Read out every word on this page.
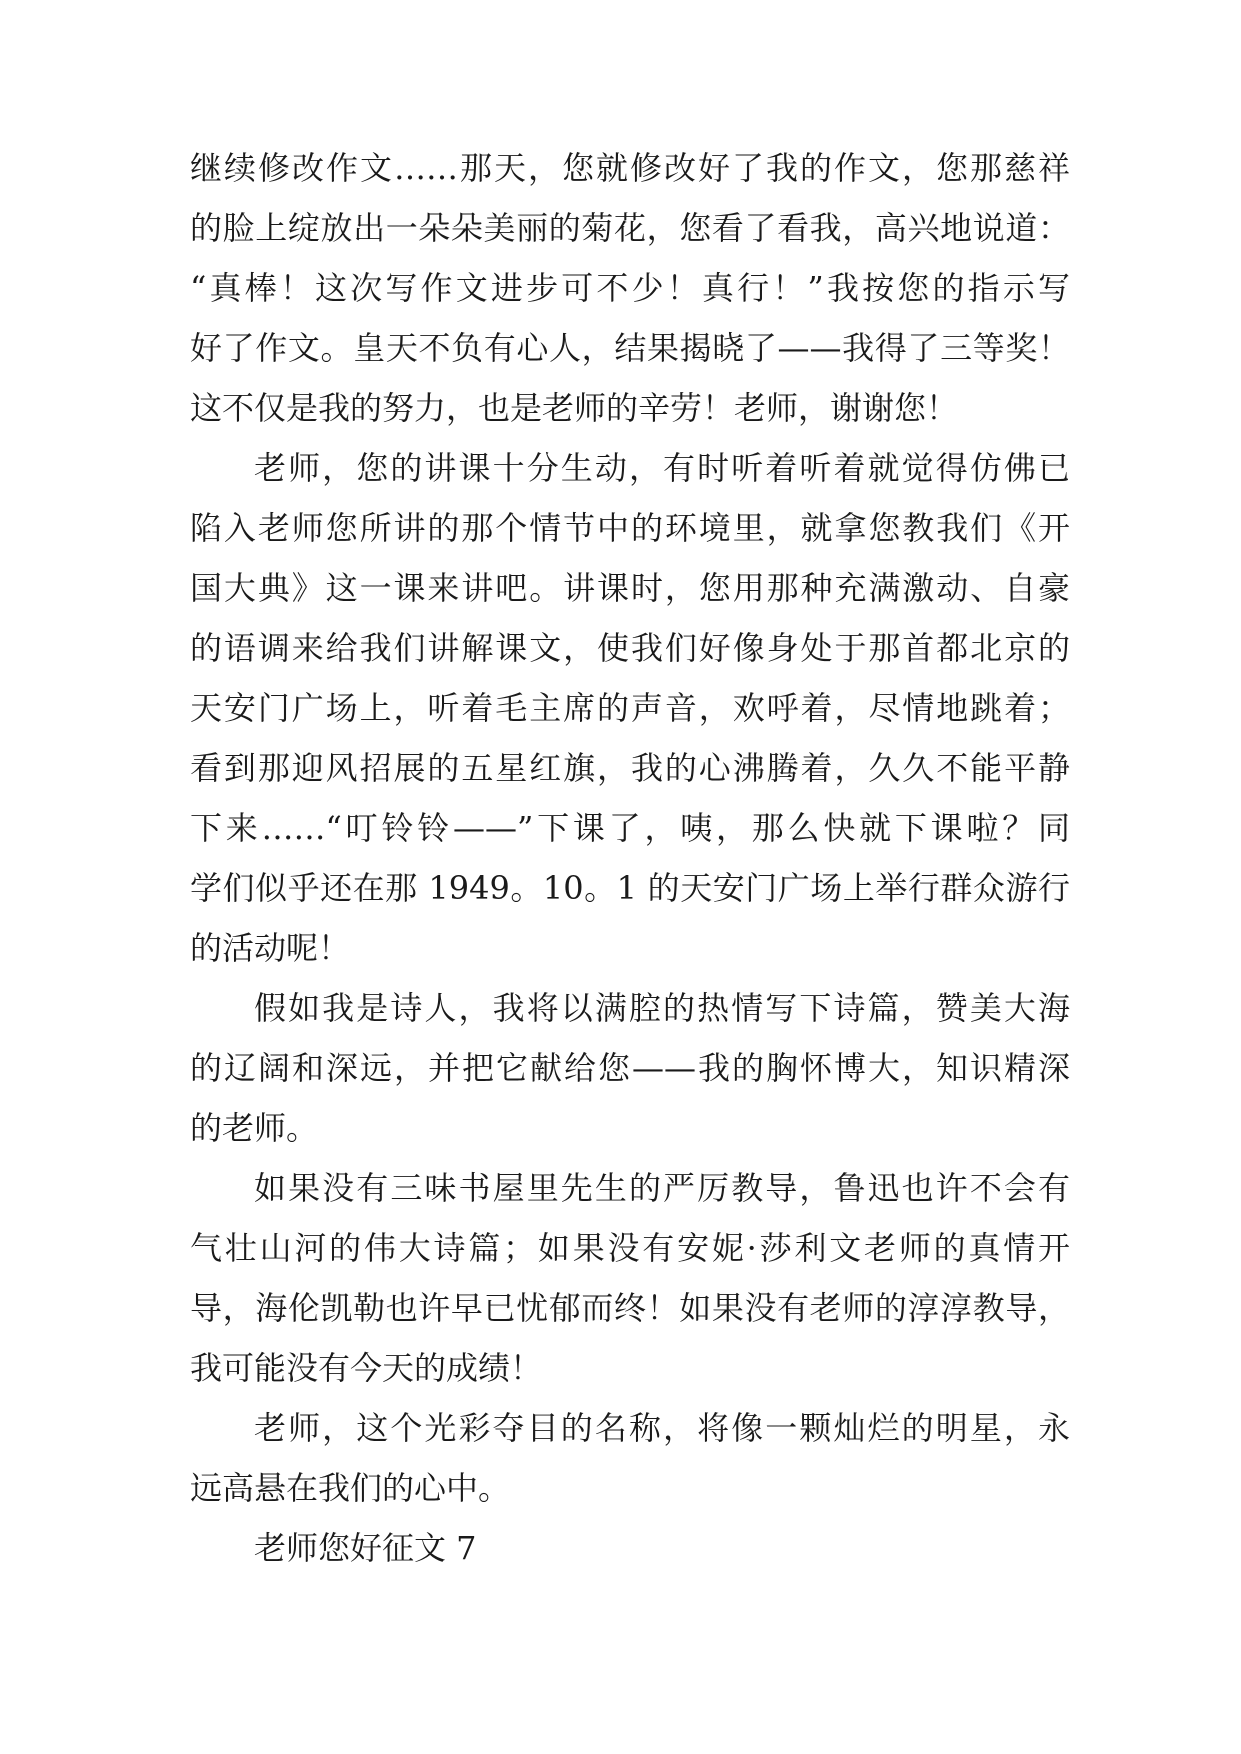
继续修改作文……那天，您就修改好了我的作文，您那慈祥
的脸上绽放出一朵朵美丽的菊花，您看了看我，高兴地说道：
“真棒！这次写作文进步可不少！真行！”我按您的指示写
好了作文。皇天不负有心人，结果揭晓了——我得了三等奖！
这不仅是我的努力，也是老师的辛劳！老师，谢谢您！
老师，您的讲课十分生动，有时听着听着就觉得仿佛已
陷入老师您所讲的那个情节中的环境里，就拿您教我们《开
国大典》这一课来讲吧。讲课时，您用那种充满激动、自豪
的语调来给我们讲解课文，使我们好像身处于那首都北京的
天安门广场上，听着毛主席的声音，欢呼着，尽情地跳着；
看到那迎风招展的五星红旗，我的心沸腾着，久久不能平静
下来……“叮铃铃——”下课了，咦，那么快就下课啦？同
学们似乎还在那 1949。10。1 的天安门广场上举行群众游行
的活动呢！
假如我是诗人，我将以满腔的热情写下诗篇，赞美大海
的辽阔和深远，并把它献给您——我的胸怀博大，知识精深
的老师。
如果没有三味书屋里先生的严厉教导，鲁迅也许不会有
气壮山河的伟大诗篇；如果没有安妮·莎利文老师的真情开
导，海伦凯勒也许早已忧郁而终！如果没有老师的淳淳教导，
我可能没有今天的成绩！
老师，这个光彩夺目的名称，将像一颗灿烂的明星，永
远高悬在我们的心中。
老师您好征文 7
